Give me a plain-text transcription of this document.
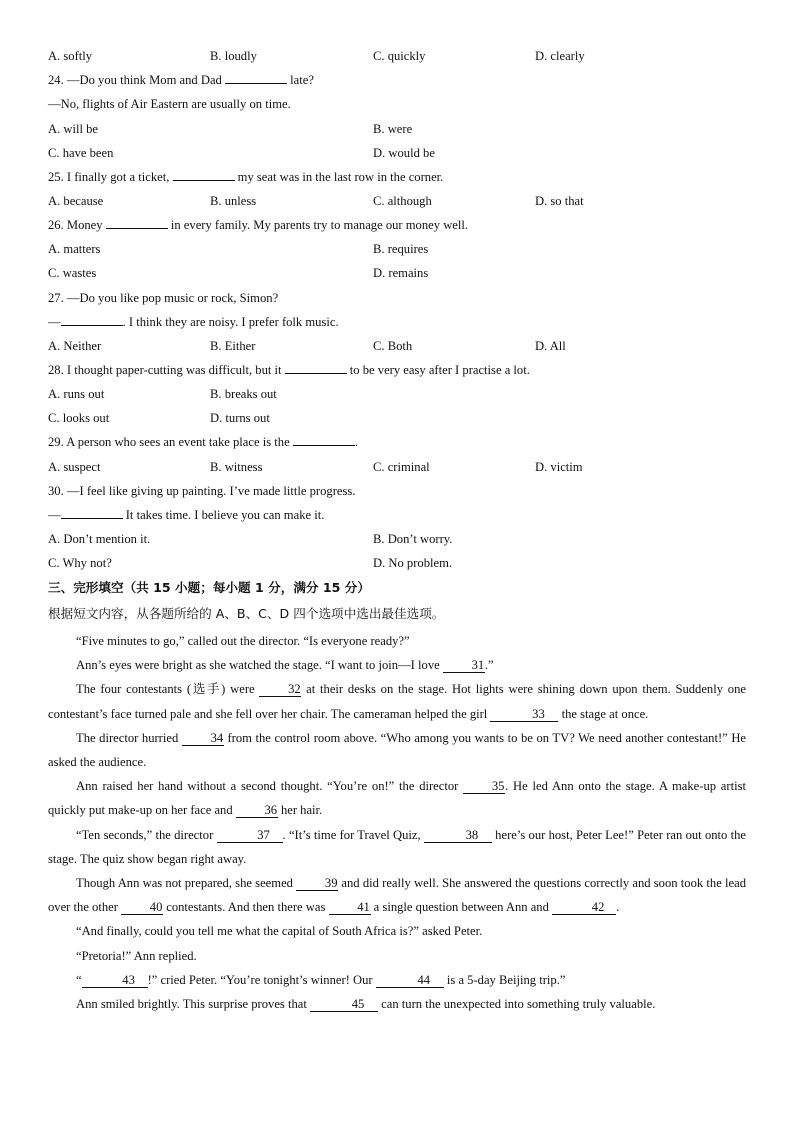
A. softly	B. loudly	C. quickly	D. clearly
24. —Do you think Mom and Dad	late?
—No, flights of Air Eastern are usually on time.
A. will be	B. were
C. have been	D. would be
25. I finally got a ticket,	my seat was in the last row in the corner.
A. because	B. unless	C. although	D. so that
26. Money	in every family. My parents try to manage our money well.
A. matters	B. requires
C. wastes	D. remains
27. —Do you like pop music or rock, Simon?
—	. I think they are noisy. I prefer folk music.
A. Neither	B. Either	C. Both	D. All
28. I thought paper-cutting was difficult, but it	to be very easy after I practise a lot.
A. runs out	B. breaks out
C. looks out	D. turns out
29. A person who sees an event take place is the	.
A. suspect	B. witness	C. criminal	D. victim
30. —I feel like giving up painting. I’ve made little progress.
—	It takes time. I believe you can make it.
A. Don’t mention it.	B. Don’t worry.
C. Why not?	D. No problem.
三、完形填空（共 15 小题；每小题 1 分，满分 15 分）
根据短文内容，从各题所给的 A、B、C、D 四个选项中选出最佳选项。

“Five minutes to go,” called out the director. “Is everyone ready?”

Ann’s eyes were bright as she watched the stage. “I want to join—I love 31.”

The four contestants (选手) were 32 at their desks on the stage. Hot lights were shining down upon them. Suddenly one contestant’s face turned pale and she fell over her chair. The cameraman helped the girl	33 the stage at once.

The director hurried 34 from the control room above. “Who among you wants to be on TV? We need another contestant!” He asked the audience.

Ann raised her hand without a second thought. “You’re on!” the director 35. He led Ann onto the stage. A make-up artist quickly put make-up on her face and 36 her hair.

“Ten seconds,” the director	37 . “It’s time for Travel Quiz,	38 here’s our host, Peter Lee!” Peter ran out onto the stage. The quiz show began right away.

Though Ann was not prepared, she seemed 39 and did really well. She answered the questions correctly and soon took the lead over the other 40 contestants. And then there was 41 a single question between Ann and	42 .

“And finally, could you tell me what the capital of South Africa is?” asked Peter.

“Pretoria!” Ann replied.

“	43 !” cried Peter. “You’re tonight’s winner! Our	44 is a 5-day Beijing trip.”

Ann smiled brightly. This surprise proves that	45 can turn the unexpected into something truly valuable.
